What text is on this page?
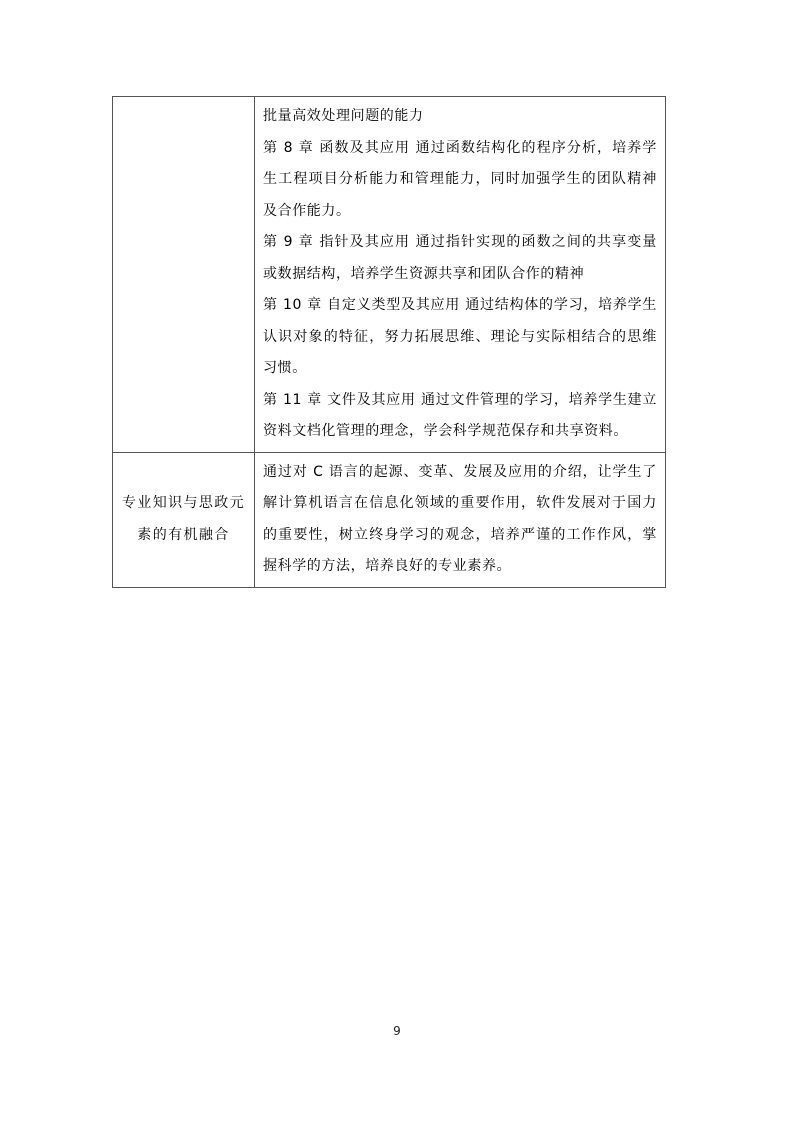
	批量高效处理问题的能力

第 8 章 函数及其应用 通过函数结构化的程序分析，培养学生工程项目分析能力和管理能力，同时加强学生的团队精神及合作能力。

第 9 章 指针及其应用 通过指针实现的函数之间的共享变量或数据结构，培养学生资源共享和团队合作的精神

第 10 章 自定义类型及其应用 通过结构体的学习，培养学生认识对象的特征，努力拓展思维、理论与实际相结合的思维习惯。

第 11 章 文件及其应用 通过文件管理的学习，培养学生建立资料文档化管理的理念，学会科学规范保存和共享资料。

专业知识与思政元素的有机融合	通过对 C 语言的起源、变革、发展及应用的介绍，让学生了解计算机语言在信息化领域的重要作用，软件发展对于国力的重要性，树立终身学习的观念，培养严谨的工作作风，掌握科学的方法，培养良好的专业素养。

9
